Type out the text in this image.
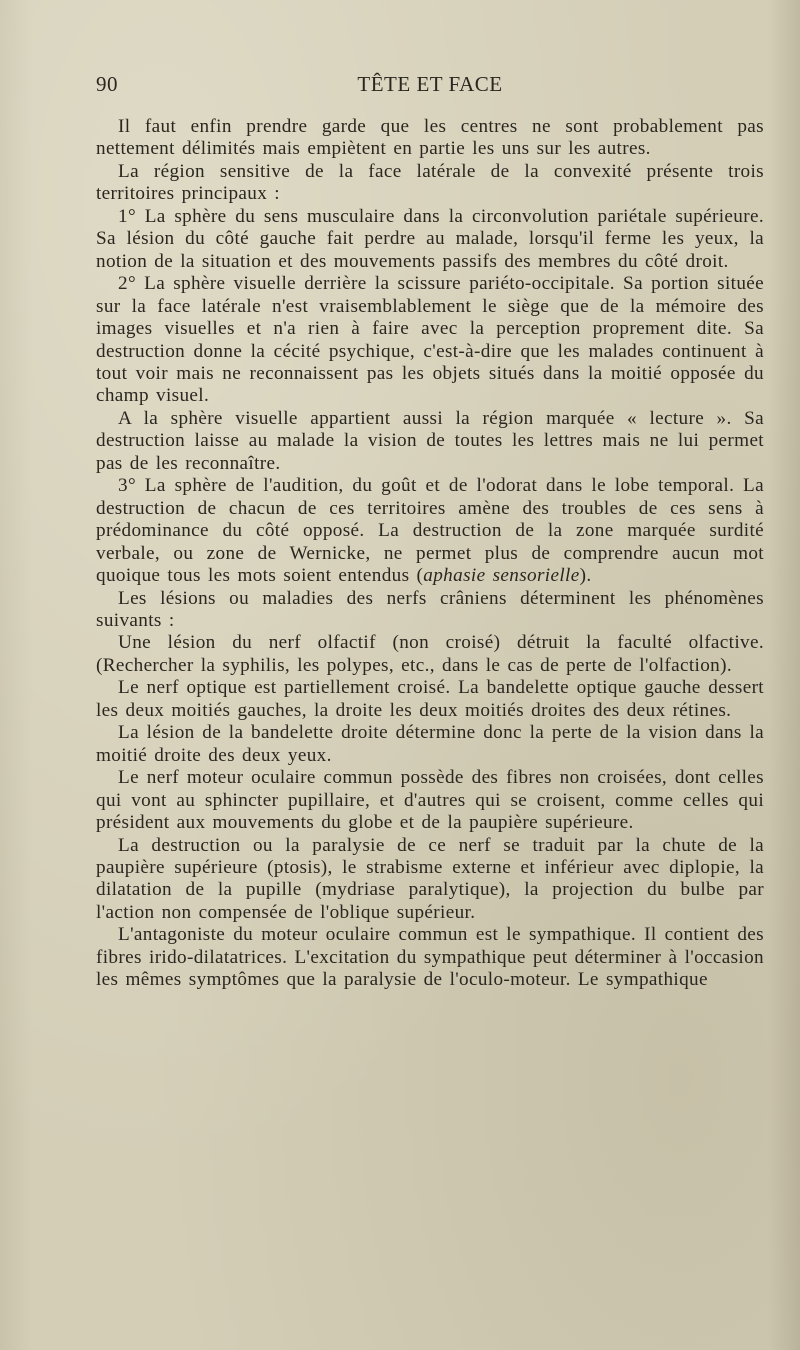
90	TÊTE ET FACE

Il faut enfin prendre garde que les centres ne sont probablement pas nettement délimités mais empiètent en partie les uns sur les autres.

La région sensitive de la face latérale de la convexité présente trois territoires principaux :

1° La sphère du sens musculaire dans la circonvolution pariétale supérieure. Sa lésion du côté gauche fait perdre au malade, lorsqu'il ferme les yeux, la notion de la situation et des mouvements passifs des membres du côté droit.

2° La sphère visuelle derrière la scissure pariéto-occipitale. Sa portion située sur la face latérale n'est vraisemblablement le siège que de la mémoire des images visuelles et n'a rien à faire avec la perception proprement dite. Sa destruction donne la cécité psychique, c'est-à-dire que les malades continuent à tout voir mais ne reconnaissent pas les objets situés dans la moitié opposée du champ visuel.

A la sphère visuelle appartient aussi la région marquée « lecture ». Sa destruction laisse au malade la vision de toutes les lettres mais ne lui permet pas de les reconnaître.

3° La sphère de l'audition, du goût et de l'odorat dans le lobe temporal. La destruction de chacun de ces territoires amène des troubles de ces sens à prédominance du côté opposé. La destruction de la zone marquée surdité verbale, ou zone de Wernicke, ne permet plus de comprendre aucun mot quoique tous les mots soient entendus (aphasie sensorielle).

Les lésions ou maladies des nerfs crâniens déterminent les phénomènes suivants :

Une lésion du nerf olfactif (non croisé) détruit la faculté olfactive. (Rechercher la syphilis, les polypes, etc., dans le cas de perte de l'olfaction).

Le nerf optique est partiellement croisé. La bandelette optique gauche dessert les deux moitiés gauches, la droite les deux moitiés droites des deux rétines.

La lésion de la bandelette droite détermine donc la perte de la vision dans la moitié droite des deux yeux.

Le nerf moteur oculaire commun possède des fibres non croisées, dont celles qui vont au sphincter pupillaire, et d'autres qui se croisent, comme celles qui président aux mouvements du globe et de la paupière supérieure.

La destruction ou la paralysie de ce nerf se traduit par la chute de la paupière supérieure (ptosis), le strabisme externe et inférieur avec diplopie, la dilatation de la pupille (mydriase paralytique), la projection du bulbe par l'action non compensée de l'oblique supérieur.

L'antagoniste du moteur oculaire commun est le sympathique. Il contient des fibres irido-dilatatrices. L'excitation du sympathique peut déterminer à l'occasion les mêmes symptômes que la paralysie de l'oculo-moteur. Le sympathique
